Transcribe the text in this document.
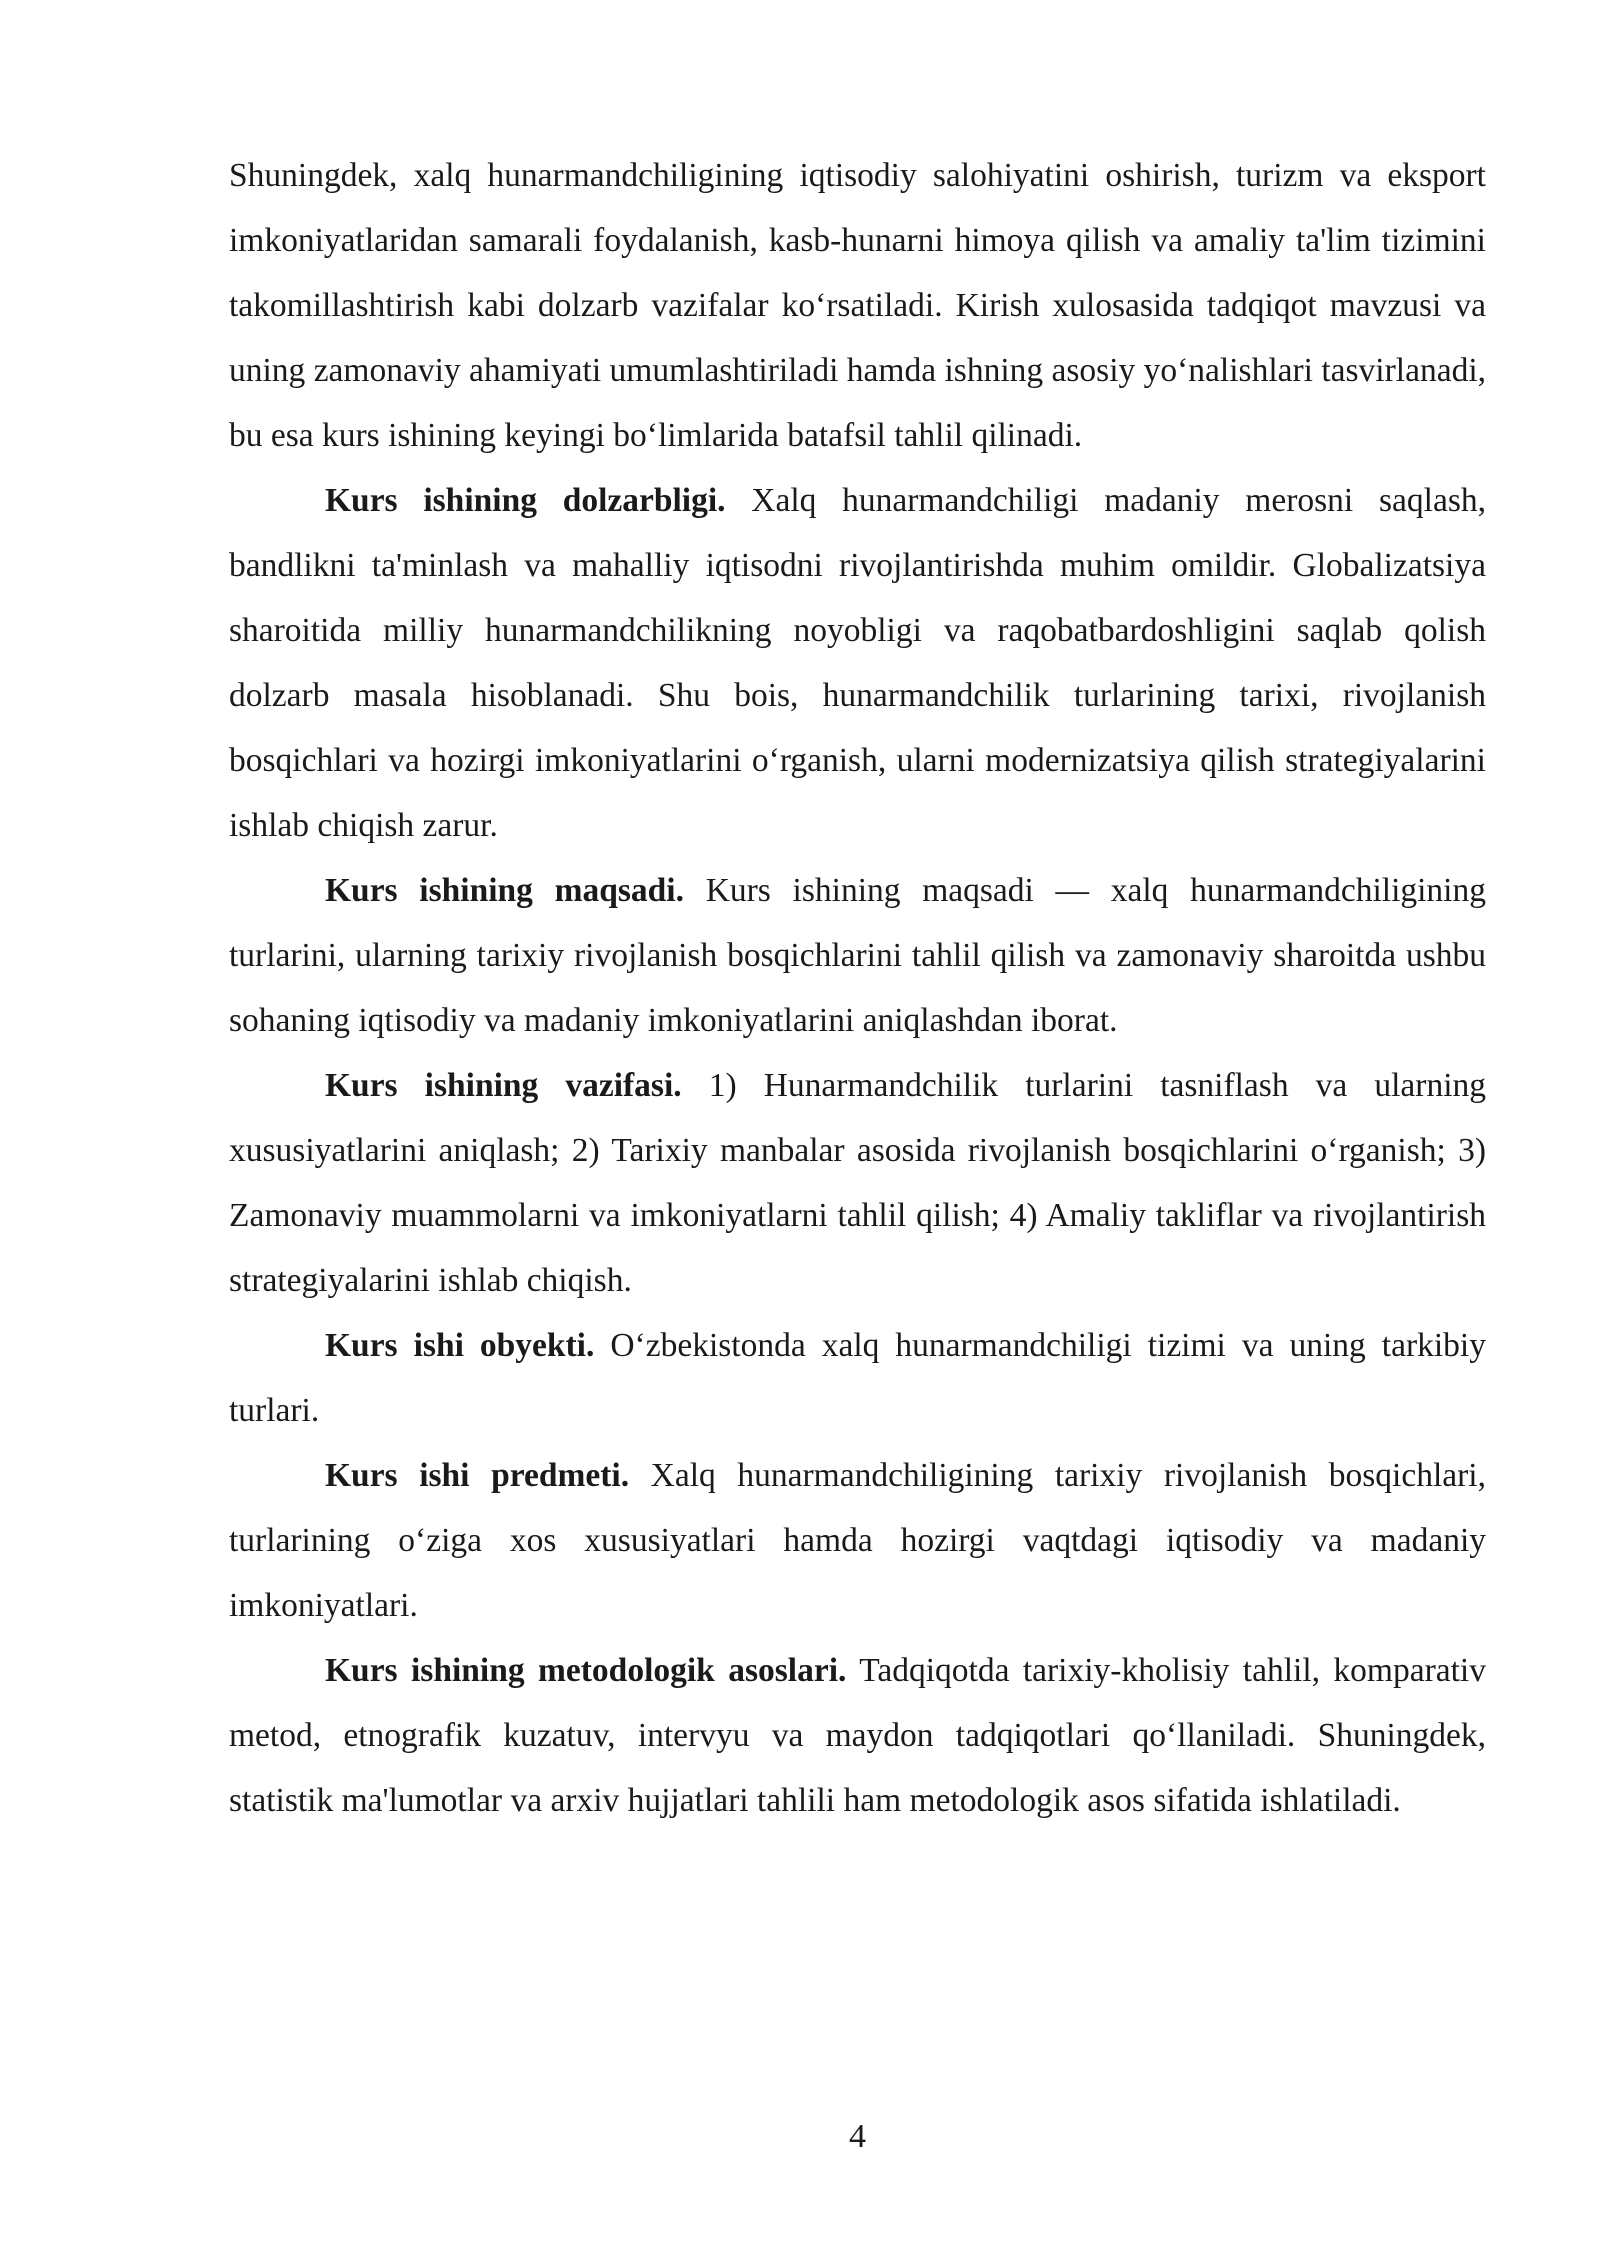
Shuningdek, xalq hunarmandchiligining iqtisodiy salohiyatini oshirish, turizm va eksport imkoniyatlaridan samarali foydalanish, kasb-hunarni himoya qilish va amaliy ta'lim tizimini takomillashtirish kabi dolzarb vazifalar ko‘rsatiladi. Kirish xulosasida tadqiqot mavzusi va uning zamonaviy ahamiyati umumlashtiriladi hamda ishning asosiy yo‘nalishlari tasvirlanadi, bu esa kurs ishining keyingi bo‘limlarida batafsil tahlil qilinadi.

Kurs ishining dolzarbligi. Xalq hunarmandchiligi madaniy merosni saqlash, bandlikni ta'minlash va mahalliy iqtisodni rivojlantirishda muhim omildir. Globalizatsiya sharoitida milliy hunarmandchilikning noyobligi va raqobatbardoshligini saqlab qolish dolzarb masala hisoblanadi. Shu bois, hunarmandchilik turlarining tarixi, rivojlanish bosqichlari va hozirgi imkoniyatlarini o‘rganish, ularni modernizatsiya qilish strategiyalarini ishlab chiqish zarur.

Kurs ishining maqsadi. Kurs ishining maqsadi — xalq hunarmandchiligining turlarini, ularning tarixiy rivojlanish bosqichlarini tahlil qilish va zamonaviy sharoitda ushbu sohaning iqtisodiy va madaniy imkoniyatlarini aniqlashdan iborat.

Kurs ishining vazifasi. 1) Hunarmandchilik turlarini tasniflash va ularning xususiyatlarini aniqlash; 2) Tarixiy manbalar asosida rivojlanish bosqichlarini o‘rganish; 3) Zamonaviy muammolarni va imkoniyatlarni tahlil qilish; 4) Amaliy takliflar va rivojlantirish strategiyalarini ishlab chiqish.

Kurs ishi obyekti. O‘zbekistonda xalq hunarmandchiligi tizimi va uning tarkibiy turlari.

Kurs ishi predmeti. Xalq hunarmandchiligining tarixiy rivojlanish bosqichlari, turlarining o‘ziga xos xususiyatlari hamda hozirgi vaqtdagi iqtisodiy va madaniy imkoniyatlari.

Kurs ishining metodologik asoslari. Tadqiqotda tarixiy-kholisiy tahlil, komparativ metod, etnografik kuzatuv, intervyu va maydon tadqiqotlari qo‘llaniladi. Shuningdek, statistik ma'lumotlar va arxiv hujjatlari tahlili ham metodologik asos sifatida ishlatiladi.

4
